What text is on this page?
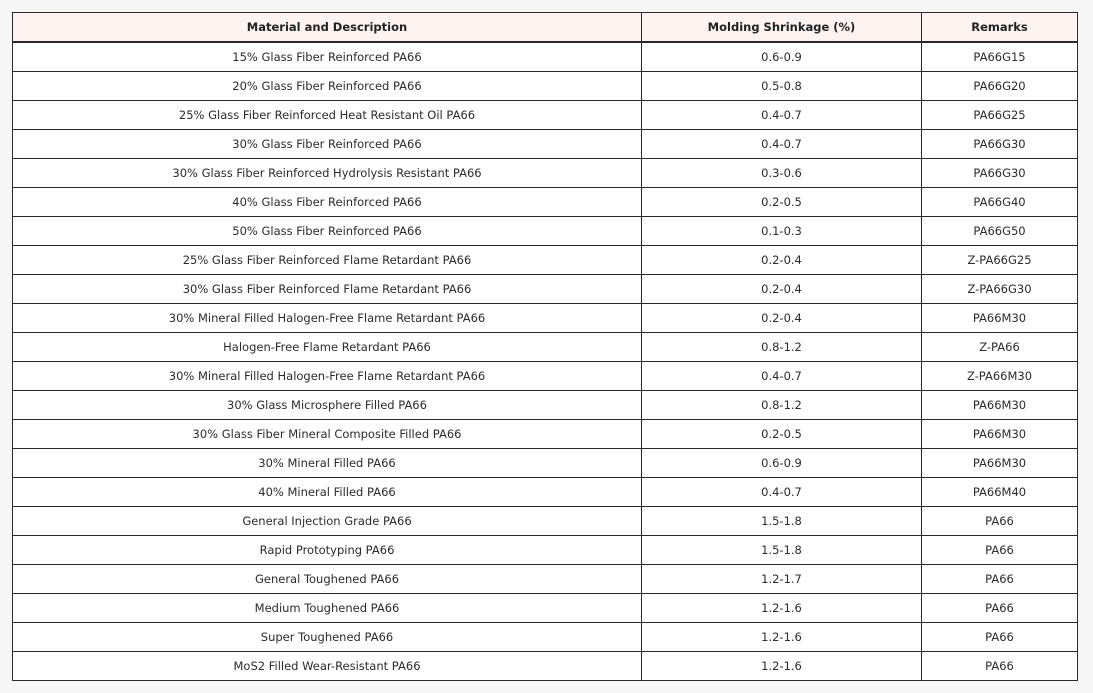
Material and Description	Molding Shrinkage (%)	Remarks
15% Glass Fiber Reinforced PA66	0.6-0.9	PA66G15
20% Glass Fiber Reinforced PA66	0.5-0.8	PA66G20
25% Glass Fiber Reinforced Heat Resistant Oil PA66	0.4-0.7	PA66G25
30% Glass Fiber Reinforced PA66	0.4-0.7	PA66G30
30% Glass Fiber Reinforced Hydrolysis Resistant PA66	0.3-0.6	PA66G30
40% Glass Fiber Reinforced PA66	0.2-0.5	PA66G40
50% Glass Fiber Reinforced PA66	0.1-0.3	PA66G50
25% Glass Fiber Reinforced Flame Retardant PA66	0.2-0.4	Z-PA66G25
30% Glass Fiber Reinforced Flame Retardant PA66	0.2-0.4	Z-PA66G30
30% Mineral Filled Halogen-Free Flame Retardant PA66	0.2-0.4	PA66M30
Halogen-Free Flame Retardant PA66	0.8-1.2	Z-PA66
30% Mineral Filled Halogen-Free Flame Retardant PA66	0.4-0.7	Z-PA66M30
30% Glass Microsphere Filled PA66	0.8-1.2	PA66M30
30% Glass Fiber Mineral Composite Filled PA66	0.2-0.5	PA66M30
30% Mineral Filled PA66	0.6-0.9	PA66M30
40% Mineral Filled PA66	0.4-0.7	PA66M40
General Injection Grade PA66	1.5-1.8	PA66
Rapid Prototyping PA66	1.5-1.8	PA66
General Toughened PA66	1.2-1.7	PA66
Medium Toughened PA66	1.2-1.6	PA66
Super Toughened PA66	1.2-1.6	PA66
MoS2 Filled Wear-Resistant PA66	1.2-1.6	PA66
